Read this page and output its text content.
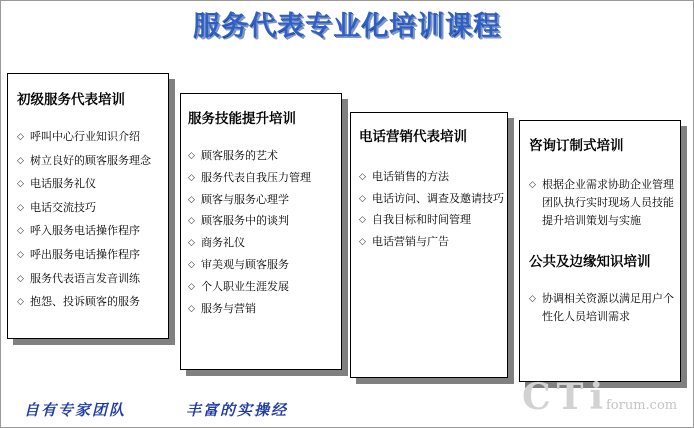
服务代表专业化培训课程
初级服务代表培训
◇ 呼叫中心行业知识介绍
◇ 树立良好的顾客服务理念
◇ 电话服务礼仪
◇ 电话交流技巧
◇ 呼入服务电话操作程序
◇ 呼出服务电话操作程序
◇ 服务代表语言发音训练
◇ 抱怨、投诉顾客的服务
服务技能提升培训
◇ 顾客服务的艺术
◇ 服务代表自我压力管理
◇ 顾客与服务心理学
◇ 顾客服务中的谈判
◇ 商务礼仪
◇ 审美观与顾客服务
◇ 个人职业生涯发展
◇ 服务与营销
电话营销代表培训
◇ 电话销售的方法
◇ 电话访问、调查及邀请技巧
◇ 自我目标和时间管理
◇ 电话营销与广告
咨询订制式培训
◇ 根据企业需求协助企业管理团队执行实时现场人员技能提升培训策划与实施
公共及边缘知识培训
◇ 协调相关资源以满足用户个性化人员培训需求
自有专家团队	丰富的实操经	CTi
forum.com
